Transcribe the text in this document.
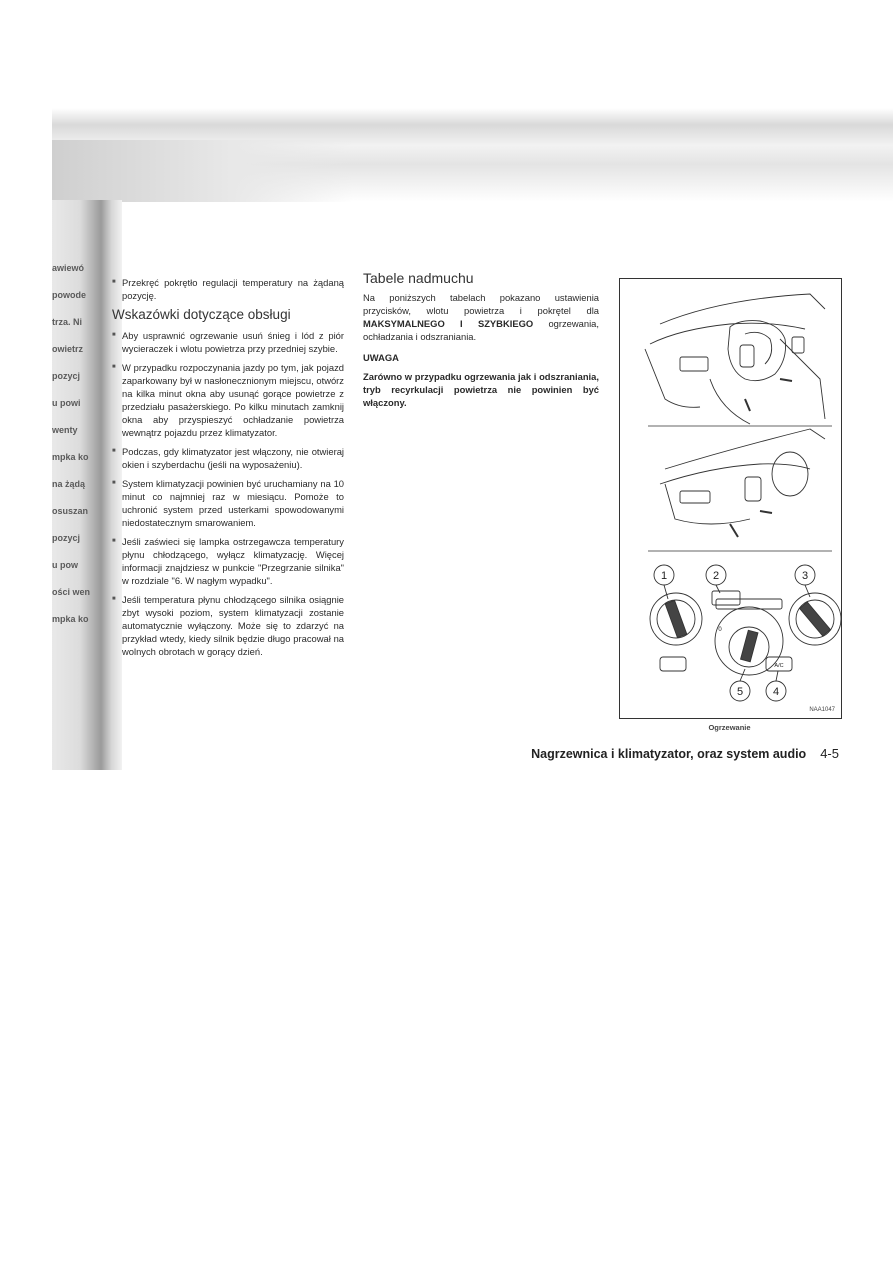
awiewó
powode
trza. Ni
owietrz
pozycj
u powi
wenty
mpka ko
na żądą
osuszan
pozycj
u pow
ości wen
mpka ko

■ Przekręć pokrętło regulacji temperatury na żądaną pozycję.

Wskazówki dotyczące obsługi

■ Aby usprawnić ogrzewanie usuń śnieg i lód z piór wycieraczek i wlotu powietrza przy przedniej szybie.

■ W przypadku rozpoczynania jazdy po tym, jak pojazd zaparkowany był w nasłonecznionym miejscu, otwórz na kilka minut okna aby usunąć gorące powietrze z przedziału pasażerskiego. Po kilku minutach zamknij okna aby przyspieszyć ochładzanie powietrza wewnątrz pojazdu przez klimatyzator.

■ Podczas, gdy klimatyzator jest włączony, nie otwieraj okien i szyberdachu (jeśli na wyposażeniu).

■ System klimatyzacji powinien być uruchamiany na 10 minut co najmniej raz w miesiącu. Pomoże to uchronić system przed usterkami spowodowanymi niedostatecznym smarowaniem.

■ Jeśli zaświeci się lampka ostrzegawcza temperatury płynu chłodzącego, wyłącz klimatyzację. Więcej informacji znajdziesz w punkcie "Przegrzanie silnika" w rozdziale "6. W nagłym wypadku".

■ Jeśli temperatura płynu chłodzącego silnika osiągnie zbyt wysoki poziom, system klimatyzacji zostanie automatycznie wyłączony. Może się to zdarzyć na przykład wtedy, kiedy silnik będzie długo pracował na wolnych obrotach w gorący dzień.

Tabele nadmuchu

Na poniższych tabelach pokazano ustawienia przycisków, wlotu powietrza i pokrętel dla MAKSYMALNEGO I SZYBKIEGO ogrzewania, ochładzania i odszraniania.

UWAGA

Zarówno w przypadku ogrzewania jak i odszraniania, tryb recyrkulacji powietrza nie powinien być włączony.

1	2	3
4
5
A/C
0
NAA1047
Ogrzewanie
Nagrzewnica i klimatyzator, oraz system audio 4-5
